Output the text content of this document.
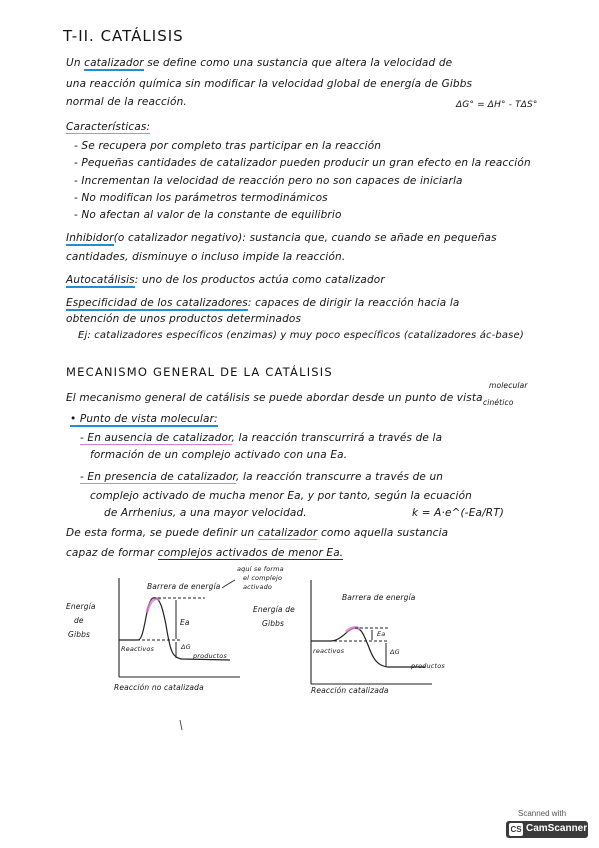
T-II. CATÁLISIS
Un catalizador se define como una sustancia que altera la velocidad de
una reacción química sin modificar la velocidad global de energía de Gibbs
normal de la reacción.	ΔG° = ΔH° - TΔS°
Características:
- Se recupera por completo tras participar en la reacción
- Pequeñas cantidades de catalizador pueden producir un gran efecto en la reacción
- Incrementan la velocidad de reacción pero no son capaces de iniciarla
- No modifican los parámetros termodinámicos
- No afectan al valor de la constante de equilibrio
Inhibidor(o catalizador negativo): sustancia que, cuando se añade en pequeñas
cantidades, disminuye o incluso impide la reacción.
Autocatálisis: uno de los productos actúa como catalizador
Especificidad de los catalizadores: capaces de dirigir la reacción hacia la
obtención de unos productos determinados
Ej: catalizadores específicos (enzimas) y muy poco específicos (catalizadores ác-base)
MECANISMO GENERAL DE LA CATÁLISIS
El mecanismo general de catálisis se puede abordar desde un punto de vista
molecular
cinético
• Punto de vista molecular:
- En ausencia de catalizador, la reacción transcurrirá a través de la
formación de un complejo activado con una Ea.
- En presencia de catalizador, la reacción transcurre a través de un
complejo activado de mucha menor Ea, y por tanto, según la ecuación
de Arrhenius, a una mayor velocidad.	k = A·e^(-Ea/RT)
De esta forma, se puede definir un catalizador como aquella sustancia
capaz de formar complejos activados de menor Ea.
Energía
de
Gibbs
Barrera de energía
aquí se forma
el complejo
activado
Ea
Reactivos	ΔG
productos
Reacción no catalizada
Energía de
Gibbs
Barrera de energía
Ea
reactivos	ΔG
productos
Reacción catalizada
Scanned with
CS CamScanner
